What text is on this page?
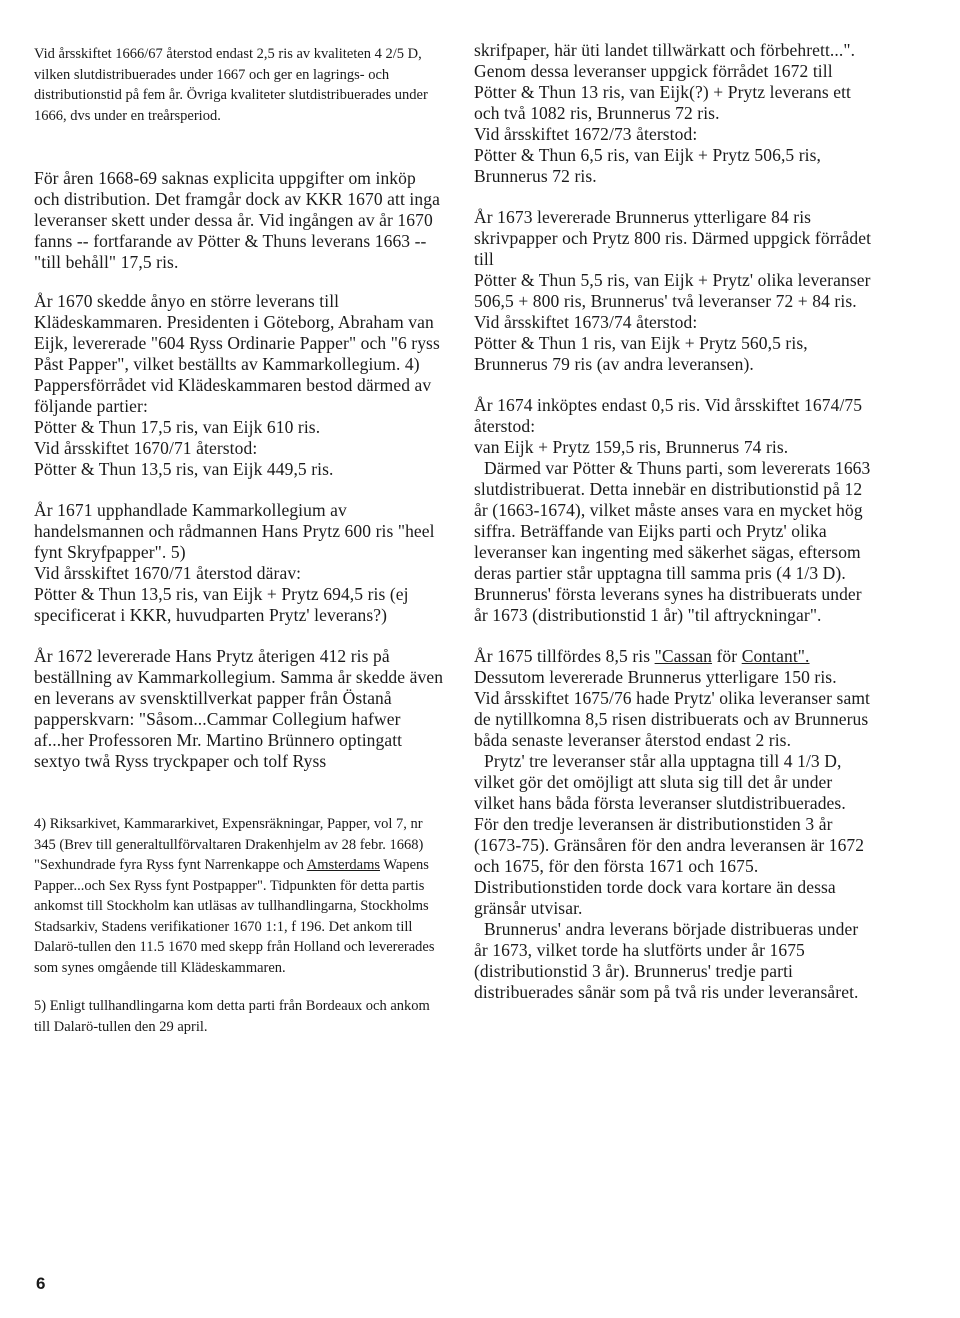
Vid årsskiftet 1666/67 återstod endast 2,5 ris av kvaliteten 4 2/5 D, vilken slutdistribuerades under 1667 och ger en lagrings- och distributionstid på fem år. Övriga kvaliteter slutdistribuerades under 1666, dvs under en treårsperiod.

För åren 1668-69 saknas explicita uppgifter om inköp och distribution. Det framgår dock av KKR 1670 att inga leveranser skett under dessa år. Vid ingången av år 1670 fanns -- fortfarande av Pötter & Thuns leverans 1663 -- "till behåll" 17,5 ris.

År 1670 skedde ånyo en större leverans till Klädeskammaren. Presidenten i Göteborg, Abraham van Eijk, levererade "604 Ryss Ordinarie Papper" och "6 ryss Påst Papper", vilket beställts av Kammarkollegium. 4) Pappersförrådet vid Klädeskammaren bestod därmed av följande partier:

Pötter & Thun 17,5 ris, van Eijk 610 ris.

Vid årsskiftet 1670/71 återstod:

Pötter & Thun 13,5 ris, van Eijk 449,5 ris.

År 1671 upphandlade Kammarkollegium av handelsmannen och rådmannen Hans Prytz 600 ris "heel fynt Skryfpapper". 5)

Vid årsskiftet 1670/71 återstod därav:

Pötter & Thun 13,5 ris, van Eijk + Prytz 694,5 ris (ej specificerat i KKR, huvudparten Prytz' leverans?)

År 1672 levererade Hans Prytz återigen 412 ris på beställning av Kammarkollegium. Samma år skedde även en leverans av svensktillverkat papper från Östanå papperskvarn: "Såsom...Cammar Collegium hafwer af...her Professoren Mr. Martino Brünnero optingatt sextyo twå Ryss tryckpaper och tolf Ryss

4) Riksarkivet, Kammararkivet, Expensräkningar, Papper, vol 7, nr 345 (Brev till generaltullförvaltaren Drakenhjelm av 28 febr. 1668) "Sexhundrade fyra Ryss fynt Narrenkappe och Amsterdams Wapens Papper...och Sex Ryss fynt Postpapper". Tidpunkten för detta partis ankomst till Stockholm kan utläsas av tullhandlingarna, Stockholms Stadsarkiv, Stadens verifikationer 1670 1:1, f 196. Det ankom till Dalarö-tullen den 11.5 1670 med skepp från Holland och levererades som synes omgående till Klädeskammaren.

5) Enligt tullhandlingarna kom detta parti från Bordeaux och ankom till Dalarö-tullen den 29 april.

skrifpaper, här üti landet tillwärkatt och förbehrett...". Genom dessa leveranser uppgick förrådet 1672 till

Pötter & Thun 13 ris, van Eijk(?) + Prytz leverans ett och två 1082 ris, Brunnerus 72 ris.

Vid årsskiftet 1672/73 återstod:

Pötter & Thun 6,5 ris, van Eijk + Prytz 506,5 ris, Brunnerus 72 ris.

År 1673 levererade Brunnerus ytterligare 84 ris skrivpapper och Prytz 800 ris. Därmed uppgick förrådet till

Pötter & Thun 5,5 ris, van Eijk + Prytz' olika leveranser 506,5 + 800 ris, Brunnerus' två leveranser 72 + 84 ris.

Vid årsskiftet 1673/74 återstod:

Pötter & Thun 1 ris, van Eijk + Prytz 560,5 ris, Brunnerus 79 ris (av andra leveransen).

År 1674 inköptes endast 0,5 ris. Vid årsskiftet 1674/75 återstod:

van Eijk + Prytz 159,5 ris, Brunnerus 74 ris.

Därmed var Pötter & Thuns parti, som levererats 1663 slutdistribuerat. Detta innebär en distributionstid på 12 år (1663-1674), vilket måste anses vara en mycket hög siffra. Beträffande van Eijks parti och Prytz' olika leveranser kan ingenting med säkerhet sägas, eftersom deras partier står upptagna till samma pris (4 1/3 D). Brunnerus' första leverans synes ha distribuerats under år 1673 (distributionstid 1 år) "til aftryckningar".

År 1675 tillfördes 8,5 ris "Cassan för Contant". Dessutom levererade Brunnerus ytterligare 150 ris.

Vid årsskiftet 1675/76 hade Prytz' olika leveranser samt de nytillkomna 8,5 risen distribuerats och av Brunnerus båda senaste leveranser återstod endast 2 ris.

Prytz' tre leveranser står alla upptagna till 4 1/3 D, vilket gör det omöjligt att sluta sig till det år under vilket hans båda första leveranser slutdistribuerades. För den tredje leveransen är distributionstiden 3 år (1673-75). Gränsåren för den andra leveransen är 1672 och 1675, för den första 1671 och 1675. Distributionstiden torde dock vara kortare än dessa gränsår utvisar.

Brunnerus' andra leverans började distribueras under år 1673, vilket torde ha slutförts under år 1675 (distributionstid 3 år). Brunnerus' tredje parti distribuerades sånär som på två ris under leveransåret.

6
